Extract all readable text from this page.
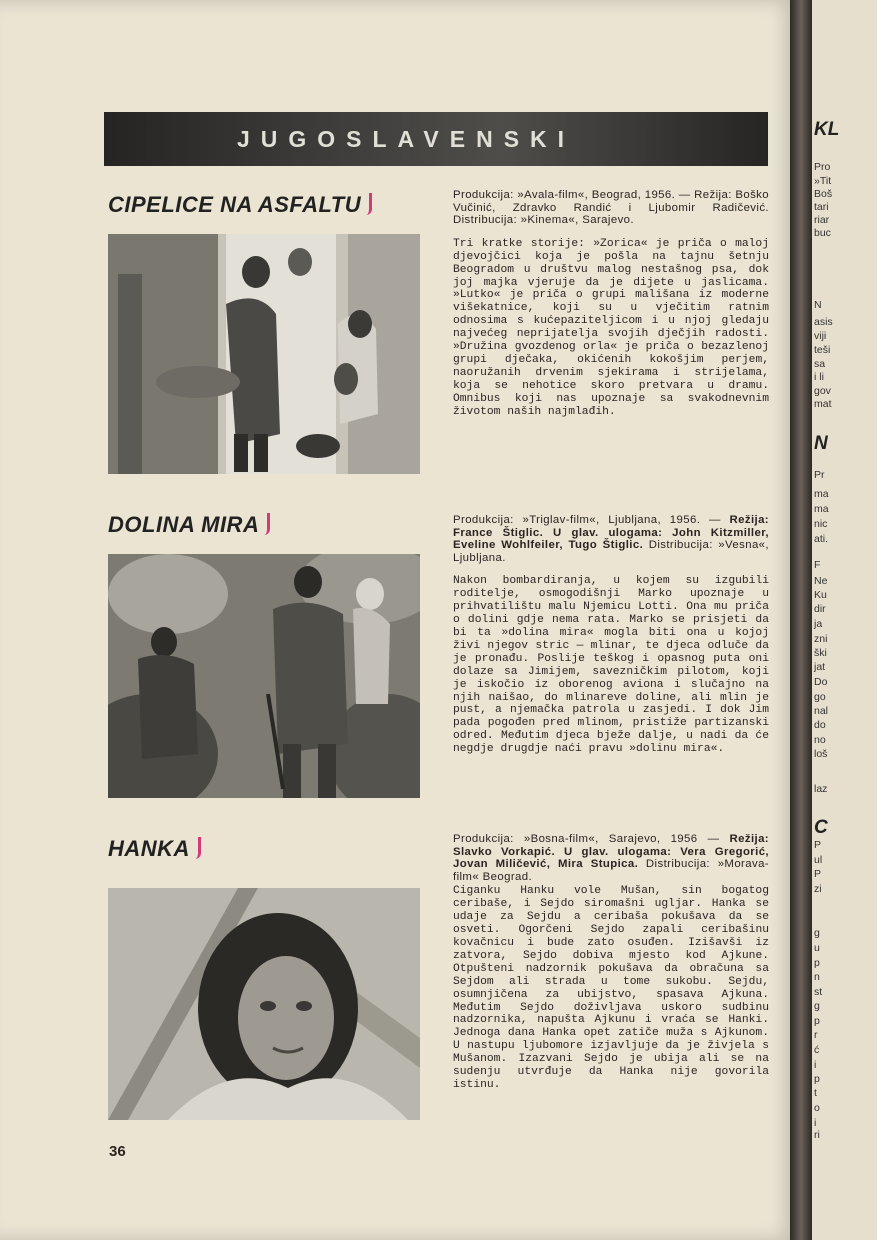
JUGOSLAVENSKI
CIPELICE NA ASFALTU	Produkcija: »Avala-film«, Beograd, 1956. — Režija: Boško Vučinić, Zdravko Randić i Ljubomir Radičević. Distribucija: »Kinema«, Sarajevo.

Tri kratke storije: »Zorica« je priča o maloj djevojčici koja je pošla na tajnu šetnju Beogradom u društvu malog nestašnog psa, dok joj majka vjeruje da je dijete u jaslicama. »Lutko« je priča o grupi mališana iz moderne višekatnice, koji su u vječitim ratnim odnosima s kućepaziteljicom i u njoj gledaju najvećeg neprijatelja svojih dječjih radosti. »Družina gvozdenog orla« je priča o bezazlenoj grupi dječaka, okićenih kokošjim perjem, naoružanih drvenim sjekirama i strijelama, koja se nehotice skoro pretvara u dramu. Omnibus koji nas upoznaje sa svakodnevnim životom naših najmlađih.

DOLINA MIRA	Produkcija: »Triglav-film«, Ljubljana, 1956. — Režija: France Štiglic. U glav. ulogama: John Kitzmiller, Eveline Wohlfeiler, Tugo Štiglic. Distribucija: »Vesna«, Ljubljana.

Nakon bombardiranja, u kojem su izgubili roditelje, osmogodišnji Marko upoznaje u prihvatilištu malu Njemicu Lotti. Ona mu priča o dolini gdje nema rata. Marko se prisjeti da bi ta »dolina mira« mogla biti ona u kojoj živi njegov stric — mlinar, te djeca odluče da je pronađu. Poslije teškog i opasnog puta oni dolaze sa Jimijem, savezničkim pilotom, koji je iskočio iz oborenog aviona i slučajno na njih naišao, do mlinareve doline, ali mlin je pust, a njemačka patrola u zasjedi. I dok Jim pada pogođen pred mlinom, pristiže partizanski odred. Međutim djeca bježe dalje, u nadi da će negdje drugdje naći pravu »dolinu mira«.

HANKA	Produkcija: »Bosna-film«, Sarajevo, 1956 — Režija: Slavko Vorkapić. U glav. ulogama: Vera Gregorić, Jovan Miličević, Mira Stupica. Distribucija: »Morava-film« Beograd.

Ciganku Hanku vole Mušan, sin bogatog ceribaše, i Sejdo siromašni ugljar. Hanka se udaje za Sejdu a ceribaša pokušava da se osveti. Ogorčeni Sejdo zapali ceribašinu kovačnicu i bude zato osuđen. Izišavši iz zatvora, Sejdo dobiva mjesto kod Ajkune. Otpušteni nadzornik pokušava da obračuna sa Sejdom ali strada u tome sukobu. Sejdu, osumnjičena za ubijstvo, spasava Ajkuna. Međutim Sejdo doživljava uskoro sudbinu nadzornika, napušta Ajkunu i vraća se Hanki. Jednoga dana Hanka opet zatiče muža s Ajkunom. U nastupu ljubomore izjavljuje da je živjela s Mušanom. Izazvani Sejdo je ubija ali se na sudenju utvrđuje da Hanka nije govorila istinu.

36
KL
Pro
»Tit
Boš
tari
riar
buc
N
asis
viji
teši
sa
i li
gov
mat
N
Pr
ma
ma
nic
ati.
F
Ne
Ku
dir
ja
zni
ški
jat
Do
go
nal
do
no
loš
laz
C
P
ul
P
zi
g
u
p
n
st
g
p
r
ć
i
p
t
o
i
ri
